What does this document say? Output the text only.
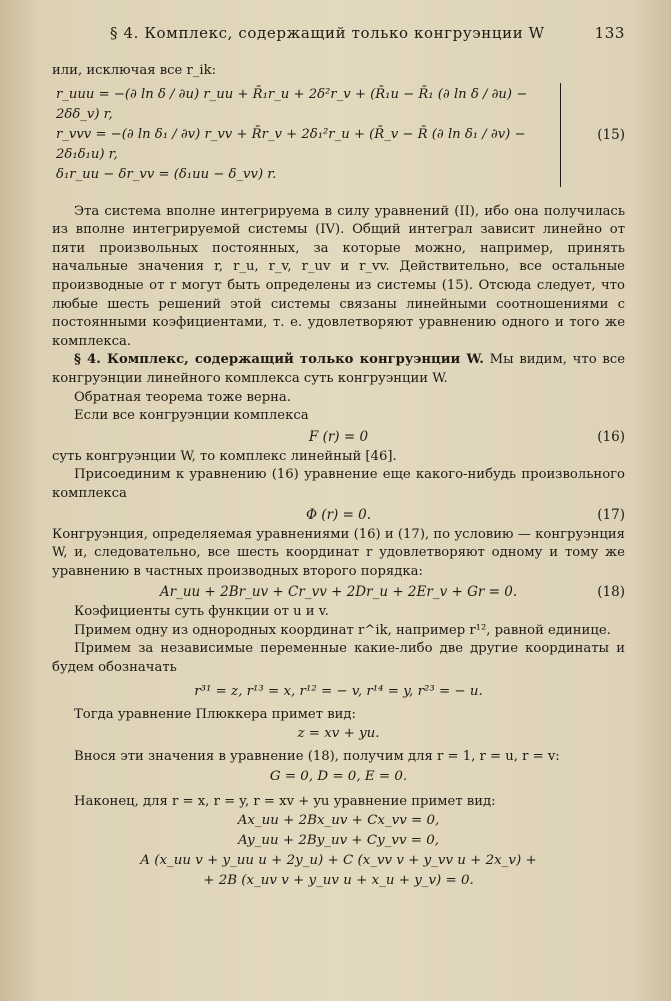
§ 4. Комплекс, содержащий только конгруэнции W	133

или, исключая все r_ik:

r_uuu = −(∂ ln δ / ∂u) r_uu + R̄₁r_u + 2δ²r_v + (R̄₁u − R̄₁ (∂ ln δ / ∂u) − 2δδ_v) r,
r_vvv = −(∂ ln δ₁ / ∂v) r_vv + R̄r_v + 2δ₁²r_u + (R̄_v − R̄ (∂ ln δ₁ / ∂v) − 2δ₁δ₁u) r,
δ₁r_uu − δr_vv = (δ₁uu − δ_vv) r.
(15)

Эта система вполне интегрируема в силу уравнений (II), ибо она получилась из вполне интегрируемой системы (IV). Общий интеграл зависит линейно от пяти произвольных постоянных, за которые можно, например, принять начальные значения r, r_u, r_v, r_uv и r_vv. Действительно, все остальные производные от r могут быть определены из системы (15). Отсюда следует, что любые шесть решений этой системы связаны линейными соотношениями с постоянными коэфициентами, т. е. удовлетворяют уравнению одного и того же комплекса.

§ 4. Комплекс, содержащий только конгруэнции W. Мы видим, что все конгруэнции линейного комплекса суть конгруэнции W.

Обратная теорема тоже верна.

Если все конгруэнции комплекса

F (r) = 0	(16)

суть конгруэнции W, то комплекс линейный [46].

Присоединим к уравнению (16) уравнение еще какого-нибудь произвольного комплекса

Φ (r) = 0.	(17)

Конгруэнция, определяемая уравнениями (16) и (17), по условию — конгруэнция W, и, следовательно, все шесть координат r удовлетворяют одному и тому же уравнению в частных производных второго порядка:

Ar_uu + 2Br_uv + Cr_vv + 2Dr_u + 2Er_v + Gr = 0.	(18)

Коэфициенты суть функции от u и v.

Примем одну из однородных координат r^ik, например r¹², равной единице.

Примем за независимые переменные какие-либо две другие координаты и будем обозначать

r³¹ = z, r¹³ = x, r¹² = − v, r¹⁴ = y, r²³ = − u.

Тогда уравнение Плюккера примет вид:

z = xv + yu.

Внося эти значения в уравнение (18), получим для r = 1, r = u, r = v:

G = 0, D = 0, E = 0.

Наконец, для r = x, r = y, r = xv + yu уравнение примет вид:

Ax_uu + 2Bx_uv + Cx_vv = 0,
Ay_uu + 2By_uv + Cy_vv = 0,
A (x_uu v + y_uu u + 2y_u) + C (x_vv v + y_vv u + 2x_v) +
+ 2B (x_uv v + y_uv u + x_u + y_v) = 0.
